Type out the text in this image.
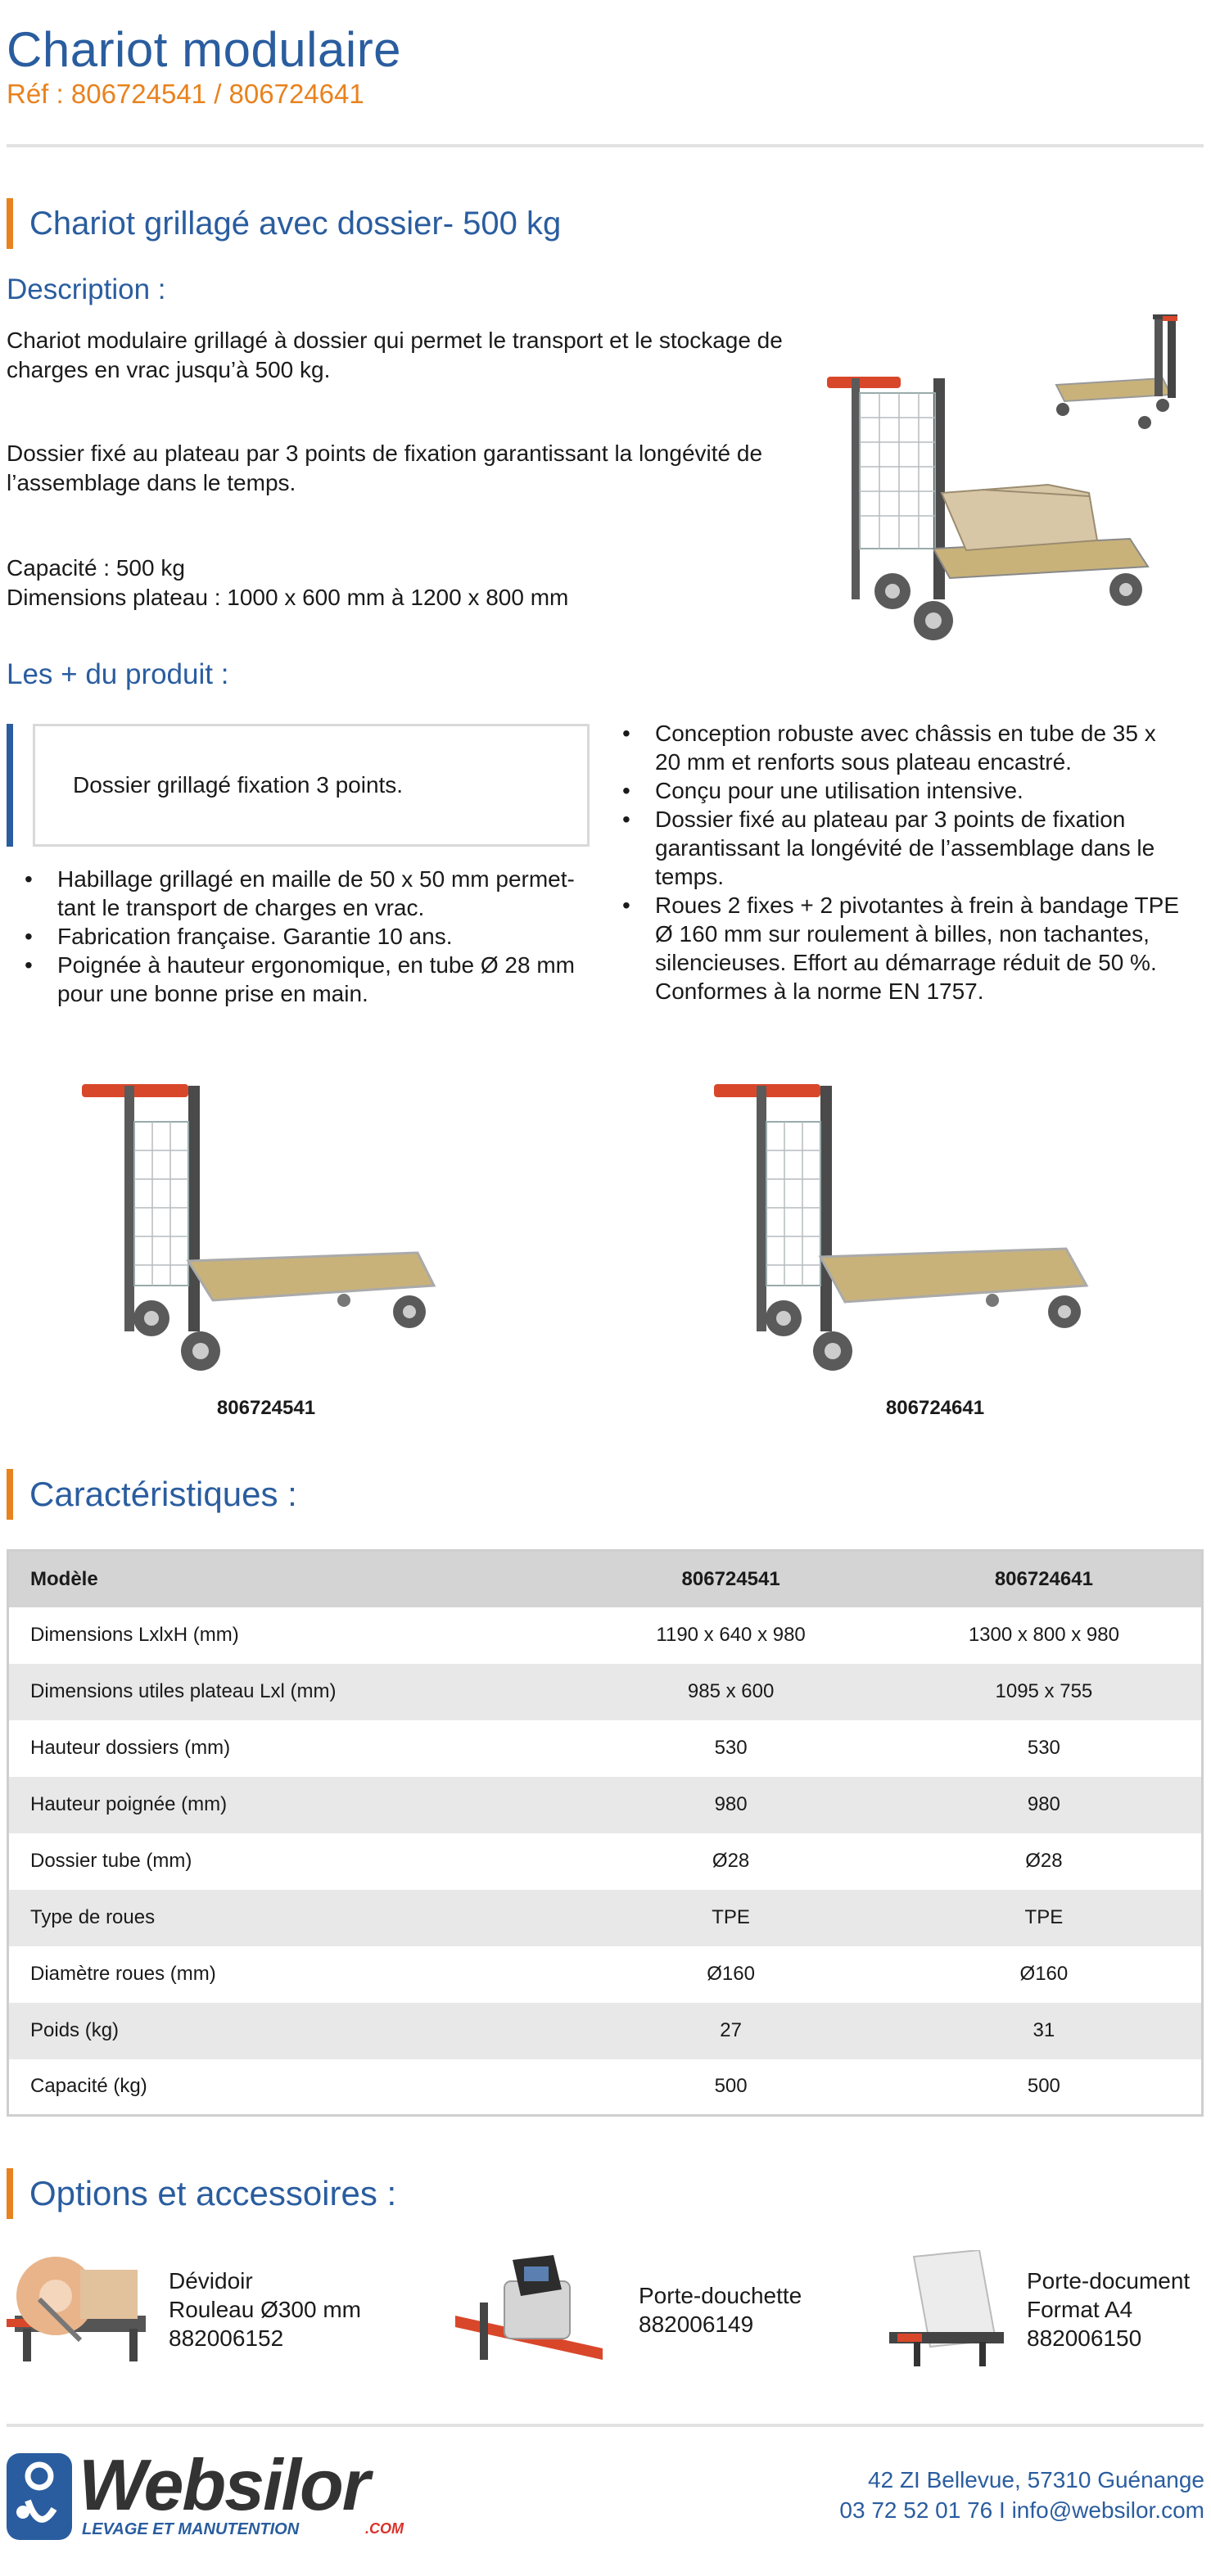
Chariot modulaire
Réf : 806724541 / 806724641
Chariot grillagé avec dossier- 500 kg
Description :
Chariot modulaire grillagé à dossier qui permet le transport et le stockage de
charges en vrac jusqu’à 500 kg.
Dossier fixé au plateau par 3 points de fixation garantissant la longévité de
l’assemblage dans le temps.
Capacité : 500 kg
Dimensions plateau : 1000 x 600 mm à 1200 x 800 mm
Les + du produit :
Dossier grillagé fixation 3 points.
• Habillage grillagé en maille de 50 x 50 mm permet-
tant le transport de charges en vrac.
• Fabrication française. Garantie 10 ans.
• Poignée à hauteur ergonomique, en tube Ø 28 mm
pour une bonne prise en main.
• Conception robuste avec châssis en tube de 35 x
20 mm et renforts sous plateau encastré.
• Conçu pour une utilisation intensive.
• Dossier fixé au plateau par 3 points de fixation
garantissant la longévité de l’assemblage dans le
temps.
• Roues 2 fixes + 2 pivotantes à frein à bandage TPE
Ø 160 mm sur roulement à billes, non tachantes,
silencieuses. Effort au démarrage réduit de 50 %.
Conformes à la norme EN 1757.
806724541	806724641
Caractéristiques :
Modèle	806724541	806724641
Dimensions LxlxH (mm)	1190 x 640 x 980	1300 x 800 x 980
Dimensions utiles plateau Lxl (mm)	985 x 600	1095 x 755
Hauteur dossiers (mm)	530	530
Hauteur poignée (mm)	980	980
Dossier tube (mm)	Ø28	Ø28
Type de roues	TPE	TPE
Diamètre roues (mm)	Ø160	Ø160
Poids (kg)	27	31
Capacité (kg)	500	500
Options et accessoires :
Dévidoir
Rouleau Ø300 mm
882006152
Porte-douchette
882006149
Porte-document
Format A4
882006150
Websilor
LEVAGE ET MANUTENTION	.COM
42 ZI Bellevue, 57310 Guénange
03 72 52 01 76 I info@websilor.com
